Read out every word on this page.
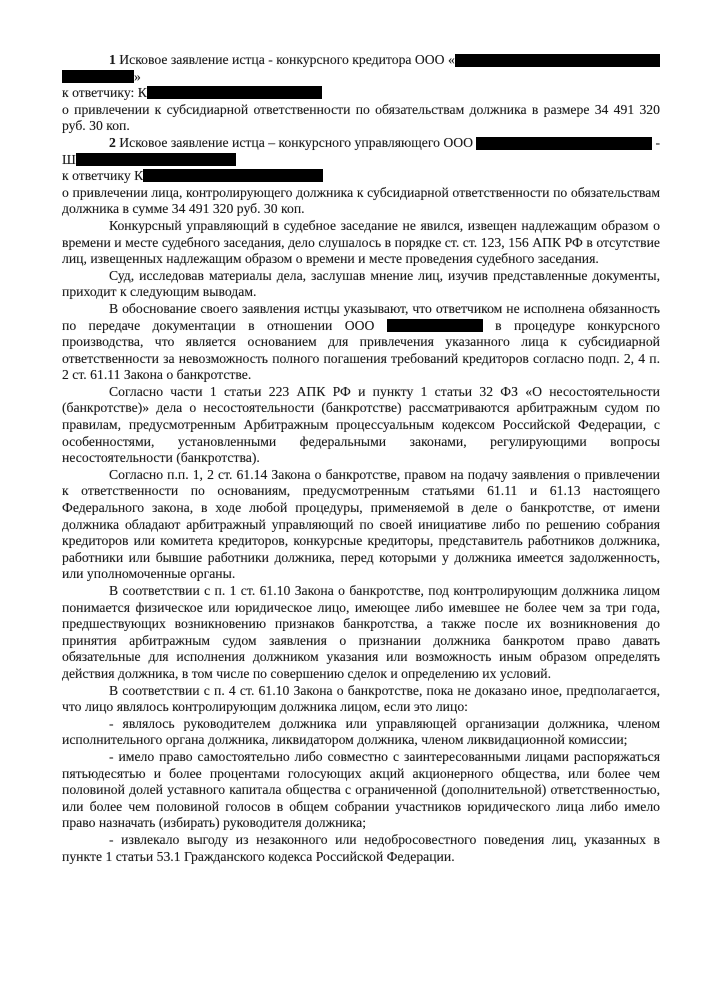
1 Исковое заявление истца - конкурсного кредитора ООО «
»
к ответчику: К
о привлечении к субсидиарной ответственности по обязательствам должника в размере 34 491 320 руб. 30 коп.
2 Исковое заявление истца – конкурсного управляющего ООО	-
Ш
к ответчику К
о привлечении лица, контролирующего должника к субсидиарной ответственности по обязательствам должника в сумме 34 491 320 руб. 30 коп.
Конкурсный управляющий в судебное заседание не явился, извещен надлежащим образом о времени и месте судебного заседания, дело слушалось в порядке ст. ст. 123, 156 АПК РФ в отсутствие лиц, извещенных надлежащим образом о времени и месте проведения судебного заседания.
Суд, исследовав материалы дела, заслушав мнение лиц, изучив представленные документы, приходит к следующим выводам.
В обоснование своего заявления истцы указывают, что ответчиком не исполнена обязанность по передаче документации в отношении ООО	в процедуре конкурсного производства, что является основанием для привлечения указанного лица к субсидиарной ответственности за невозможность полного погашения требований кредиторов согласно подп. 2, 4 п. 2 ст. 61.11 Закона о банкротстве.
Согласно части 1 статьи 223 АПК РФ и пункту 1 статьи 32 ФЗ «О несостоятельности (банкротстве)» дела о несостоятельности (банкротстве) рассматриваются арбитражным судом по правилам, предусмотренным Арбитражным процессуальным кодексом Российской Федерации, с особенностями, установленными федеральными законами, регулирующими вопросы несостоятельности (банкротства).
Согласно п.п. 1, 2 ст. 61.14 Закона о банкротстве, правом на подачу заявления о привлечении к ответственности по основаниям, предусмотренным статьями 61.11 и 61.13 настоящего Федерального закона, в ходе любой процедуры, применяемой в деле о банкротстве, от имени должника обладают арбитражный управляющий по своей инициативе либо по решению собрания кредиторов или комитета кредиторов, конкурсные кредиторы, представитель работников должника, работники или бывшие работники должника, перед которыми у должника имеется задолженность, или уполномоченные органы.
В соответствии с п. 1 ст. 61.10 Закона о банкротстве, под контролирующим должника лицом понимается физическое или юридическое лицо, имеющее либо имевшее не более чем за три года, предшествующих возникновению признаков банкротства, а также после их возникновения до принятия арбитражным судом заявления о признании должника банкротом право давать обязательные для исполнения должником указания или возможность иным образом определять действия должника, в том числе по совершению сделок и определению их условий.
В соответствии с п. 4 ст. 61.10 Закона о банкротстве, пока не доказано иное, предполагается, что лицо являлось контролирующим должника лицом, если это лицо:
- являлось руководителем должника или управляющей организации должника, членом исполнительного органа должника, ликвидатором должника, членом ликвидационной комиссии;
- имело право самостоятельно либо совместно с заинтересованными лицами распоряжаться пятьюдесятью и более процентами голосующих акций акционерного общества, или более чем половиной долей уставного капитала общества с ограниченной (дополнительной) ответственностью, или более чем половиной голосов в общем собрании участников юридического лица либо имело право назначать (избирать) руководителя должника;
- извлекало выгоду из незаконного или недобросовестного поведения лиц, указанных в пункте 1 статьи 53.1 Гражданского кодекса Российской Федерации.
